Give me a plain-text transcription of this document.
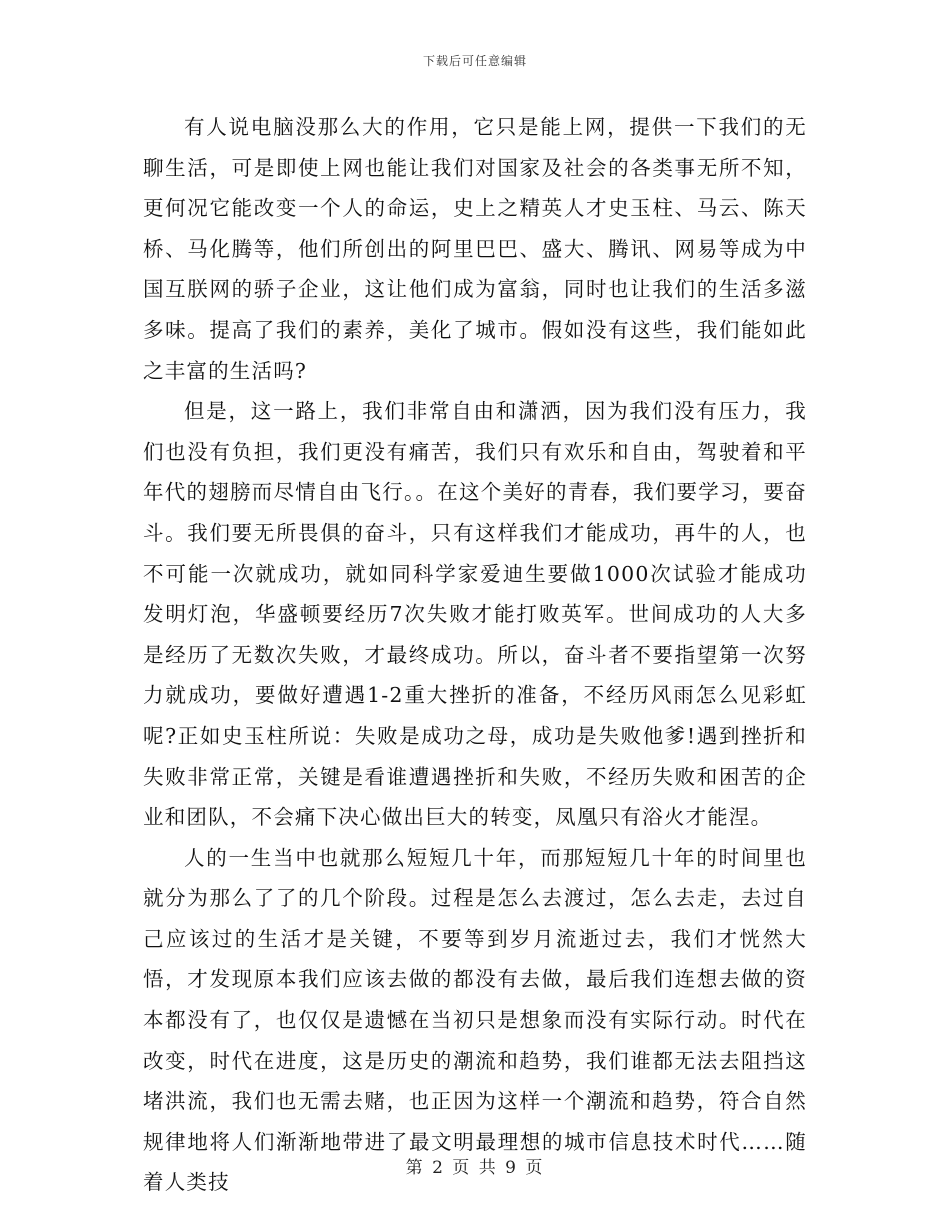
下载后可任意编辑

有人说电脑没那么大的作用，它只是能上网，提供一下我们的无聊生活，可是即使上网也能让我们对国家及社会的各类事无所不知，更何况它能改变一个人的命运，史上之精英人才史玉柱、马云、陈天桥、马化腾等，他们所创出的阿里巴巴、盛大、腾讯、网易等成为中国互朕网的骄子企业，这让他们成为富翁，同时也让我们的生活多滋多味。提高了我们的素养，美化了城市。假如没有这些，我们能如此之丰富的生活吗?

但是，这一路上，我们非常自由和潇洒，因为我们没有压力，我们也没有负担，我们更没有痛苦，我们只有欢乐和自由，驾驶着和平年代的翅膀而尽情自由飞行。。在这个美好的青春，我们要学习，要奋斗。我们要无所畏俱的奋斗，只有这样我们才能成功，再牛的人，也不可能一次就成功，就如同科学家爱迪生要做1000次试验才能成功发明灯泡，华盛顿要经历7次失败才能打败英军。世间成功的人大多是经历了无数次失败，才最终成功。所以，奋斗者不要指望第一次努力就成功，要做好遭遇1-2重大挫折的准备，不经历风雨怎么见彩虹呢?正如史玉柱所说：失败是成功之母，成功是失败他爹!遇到挫折和失败非常正常，关键是看谁遭遇挫折和失败，不经历失败和困苦的企业和团队，不会痛下决心做出巨大的转变，凤凰只有浴火才能涅。

人的一生当中也就那么短短几十年，而那短短几十年的时间里也就分为那么了了的几个阶段。过程是怎么去渡过，怎么去走，去过自己应该过的生活才是关键，不要等到岁月流逝过去，我们才恍然大悟，才发现原本我们应该去做的都没有去做，最后我们连想去做的资本都没有了，也仅仅是遗憾在当初只是想象而没有实际行动。时代在改变，时代在进度，这是历史的潮流和趋势，我们谁都无法去阻挡这堵洪流，我们也无需去赌，也正因为这样一个潮流和趋势，符合自然规律地将人们渐渐地带进了最文明最理想的城市信息技术时代……随着人类技

第 2 页 共 9 页
